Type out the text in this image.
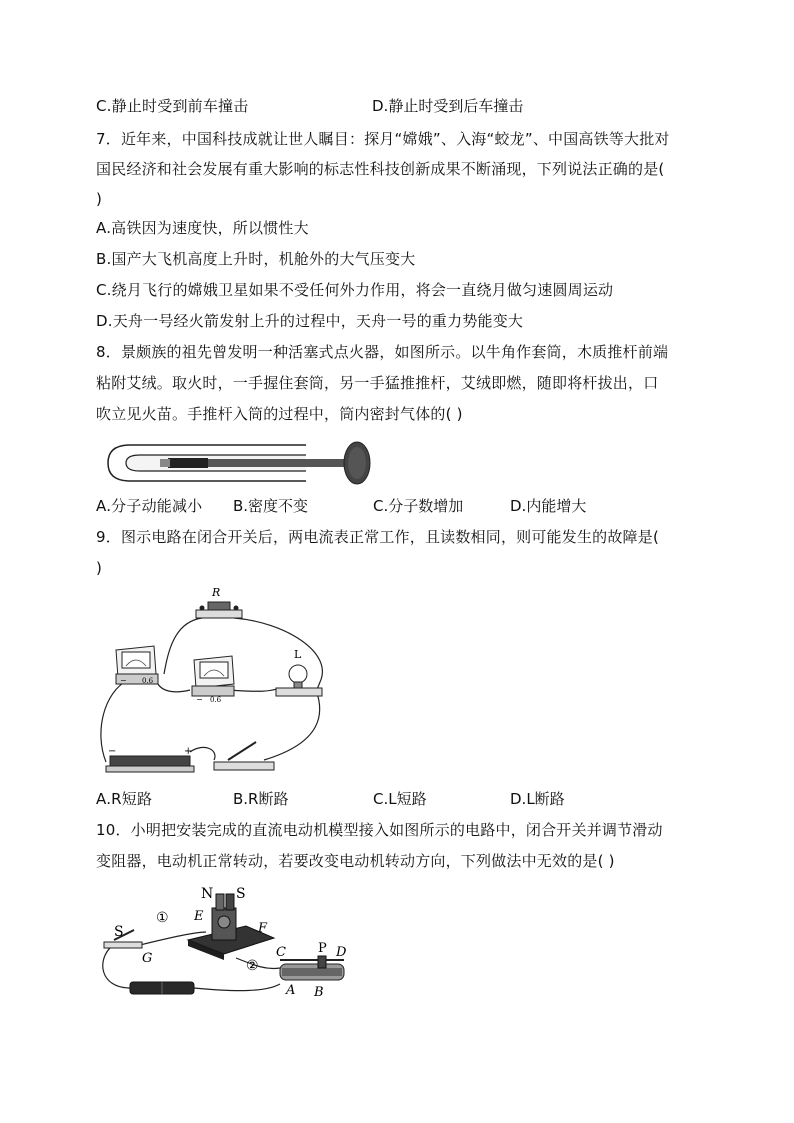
C.静止时受到前车撞击	D.静止时受到后车撞击
7．近年来，中国科技成就让世人瞩目：探月“嫦娥”、入海“蛟龙”、中国高铁等大批对
国民经济和社会发展有重大影响的标志性科技创新成果不断涌现，下列说法正确的是(
)
A.高铁因为速度快，所以惯性大
B.国产大飞机高度上升时，机舱外的大气压变大
C.绕月飞行的嫦娥卫星如果不受任何外力作用，将会一直绕月做匀速圆周运动
D.天舟一号经火箭发射上升的过程中，天舟一号的重力势能变大
8．景颇族的祖先曾发明一种活塞式点火器，如图所示。以牛角作套筒，木质推杆前端
粘附艾绒。取火时，一手握住套筒，另一手猛推推杆，艾绒即燃，随即将杆拔出，口
吹立见火苗。手推杆入筒的过程中，筒内密封气体的( )
A.分子动能减小 B.密度不变	C.分子数增加	D.内能增大
9．图示电路在闭合开关后，两电流表正常工作，且读数相同，则可能发生的故障是(
)
R
− 0.6
− 0.6
L
+
−
A.R短路	B.R断路	C.L短路	D.L断路
10．小明把安装完成的直流电动机模型接入如图所示的电路中，闭合开关并调节滑动
变阻器，电动机正常转动，若要改变电动机转动方向，下列做法中无效的是( )
N S
E
F
①
②
S
G	C P D
A B
